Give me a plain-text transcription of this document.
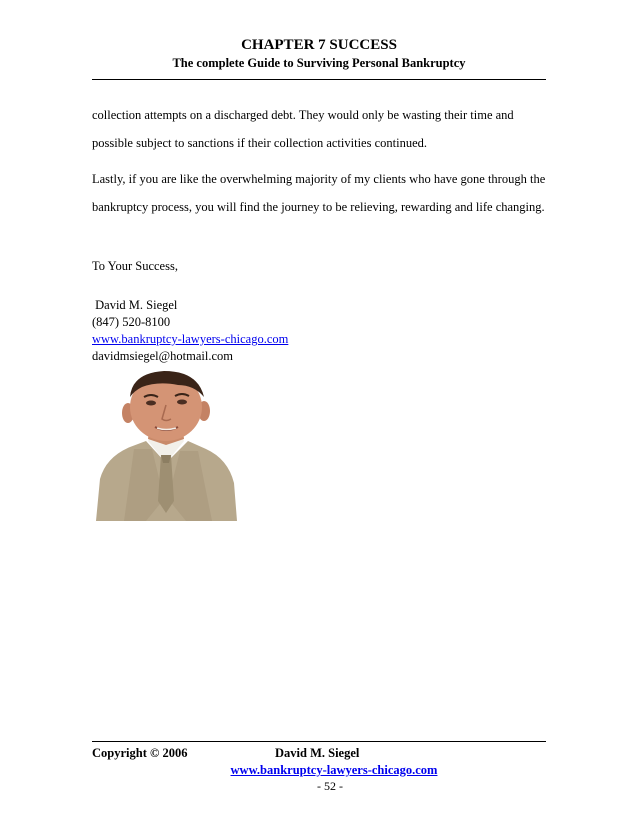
CHAPTER 7 SUCCESS
The complete Guide to Surviving Personal Bankruptcy

collection attempts on a discharged debt. They would only be wasting their time and possible subject to sanctions if their collection activities continued.

Lastly, if you are like the overwhelming majority of my clients who have gone through the bankruptcy process, you will find the journey to be relieving, rewarding and life changing.

To Your Success,

David M. Siegel
(847) 520-8100
www.bankruptcy-lawyers-chicago.com
davidmsiegel@hotmail.com
Copyright © 2006	David M. Siegel
www.bankruptcy-lawyers-chicago.com
- 52 -
